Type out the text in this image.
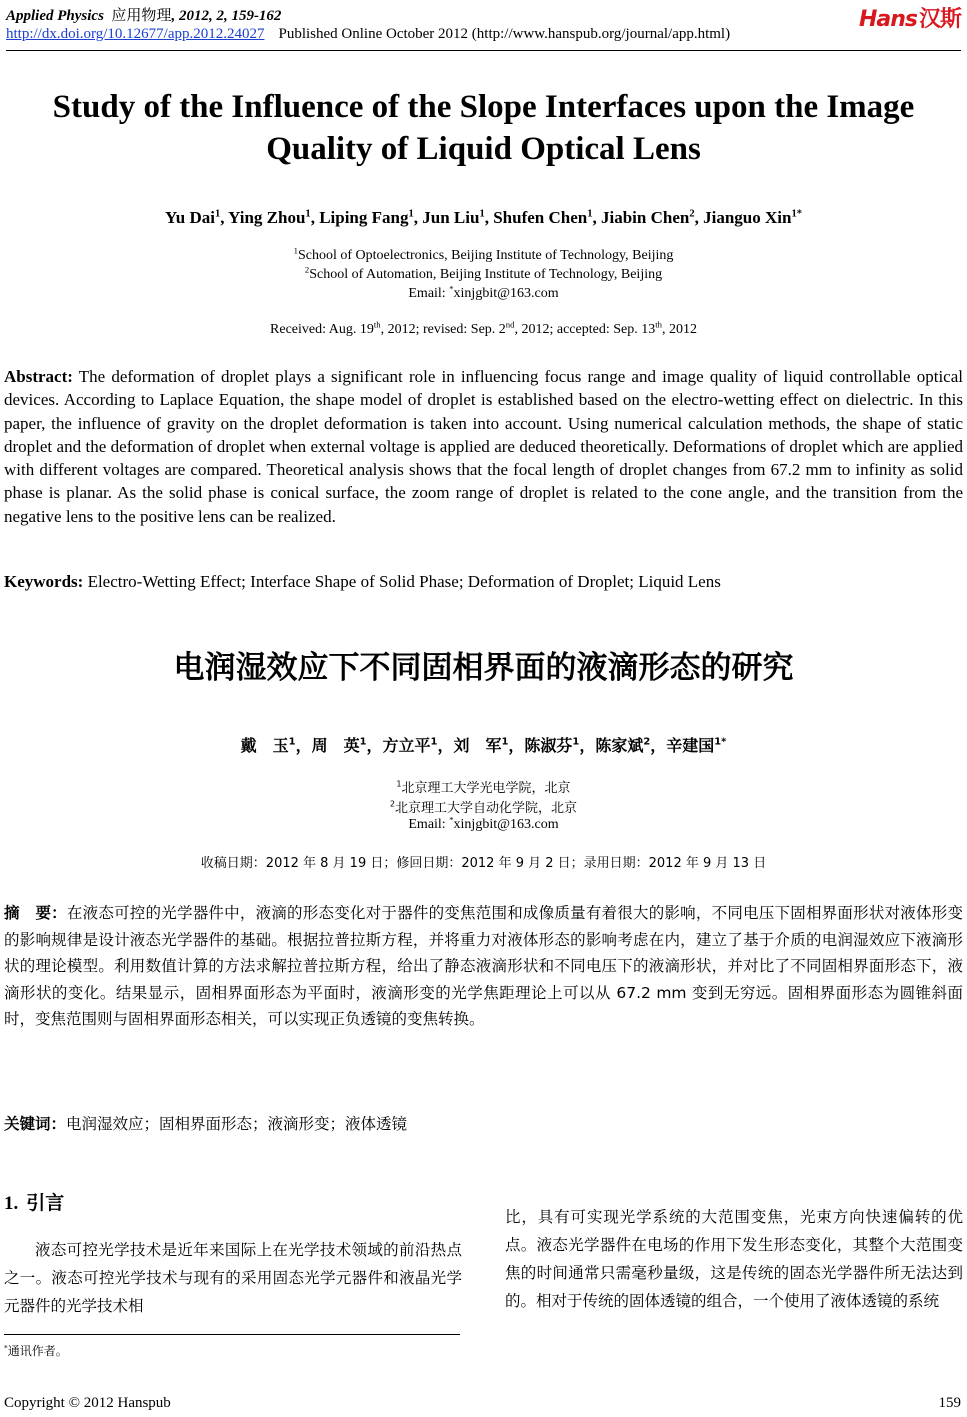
Applied Physics 应用物理, 2012, 2, 159-162
http://dx.doi.org/10.12677/app.2012.24027 Published Online October 2012 (http://www.hanspub.org/journal/app.html)
Hans汉斯
Study of the Influence of the Slope Interfaces upon the Image
Quality of Liquid Optical Lens
Yu Dai$^1$, Ying Zhou$^1$, Liping Fang$^1$, Jun Liu$^1$, Shufen Chen$^1$, Jiabin Chen$^2$, Jianguo Xin$^{1*}$
$^1$School of Optoelectronics, Beijing Institute of Technology, Beijing
$^2$School of Automation, Beijing Institute of Technology, Beijing
Email: *xinjgbit@163.com
Received: Aug. 19th, 2012; revised: Sep. 2nd, 2012; accepted: Sep. 13th, 2012
Abstract: The deformation of droplet plays a significant role in influencing focus range and image quality of liquid controllable optical devices. According to Laplace Equation, the shape model of droplet is established based on the electro-wetting effect on dielectric. In this paper, the influence of gravity on the droplet deformation is taken into account. Using numerical calculation methods, the shape of static droplet and the deformation of droplet when external voltage is applied are deduced theoretically. Deformations of droplet which are applied with different voltages are compared. Theoretical analysis shows that the focal length of droplet changes from 67.2 mm to infinity as solid phase is planar. As the solid phase is conical surface, the zoom range of droplet is related to the cone angle, and the transition from the negative lens to the positive lens can be realized.
Keywords: Electro-Wetting Effect; Interface Shape of Solid Phase; Deformation of Droplet; Liquid Lens
电润湿效应下不同固相界面的液滴形态的研究
戴　玉$^1$，周　英$^1$，方立平$^1$，刘　军$^1$，陈淑芬$^1$，陈家斌$^2$，辛建国$^{1*}$
$^1$北京理工大学光电学院，北京
$^2$北京理工大学自动化学院，北京
Email: *xinjgbit@163.com
收稿日期：2012 年 8 月 19 日；修回日期：2012 年 9 月 2 日；录用日期：2012 年 9 月 13 日
摘　要：在液态可控的光学器件中，液滴的形态变化对于器件的变焦范围和成像质量有着很大的影响，不同电压下固相界面形状对液体形变的影响规律是设计液态光学器件的基础。根据拉普拉斯方程，并将重力对液体形态的影响考虑在内，建立了基于介质的电润湿效应下液滴形状的理论模型。利用数值计算的方法求解拉普拉斯方程，给出了静态液滴形状和不同电压下的液滴形状，并对比了不同固相界面形态下，液滴形状的变化。结果显示，固相界面形态为平面时，液滴形变的光学焦距理论上可以从 67.2 mm 变到无穷远。固相界面形态为圆锥斜面时，变焦范围则与固相界面形态相关，可以实现正负透镜的变焦转换。
关键词：电润湿效应；固相界面形态；液滴形变；液体透镜
1. 引言
液态可控光学技术是近年来国际上在光学技术领域的前沿热点之一。液态可控光学技术与现有的采用固态光学元器件和液晶光学元器件的光学技术相
比，具有可实现光学系统的大范围变焦，光束方向快速偏转的优点。液态光学器件在电场的作用下发生形态变化，其整个大范围变焦的时间通常只需毫秒量级，这是传统的固态光学器件所无法达到的。相对于传统的固体透镜的组合，一个使用了液体透镜的系统
*通讯作者。
Copyright © 2012 Hanspub	159
